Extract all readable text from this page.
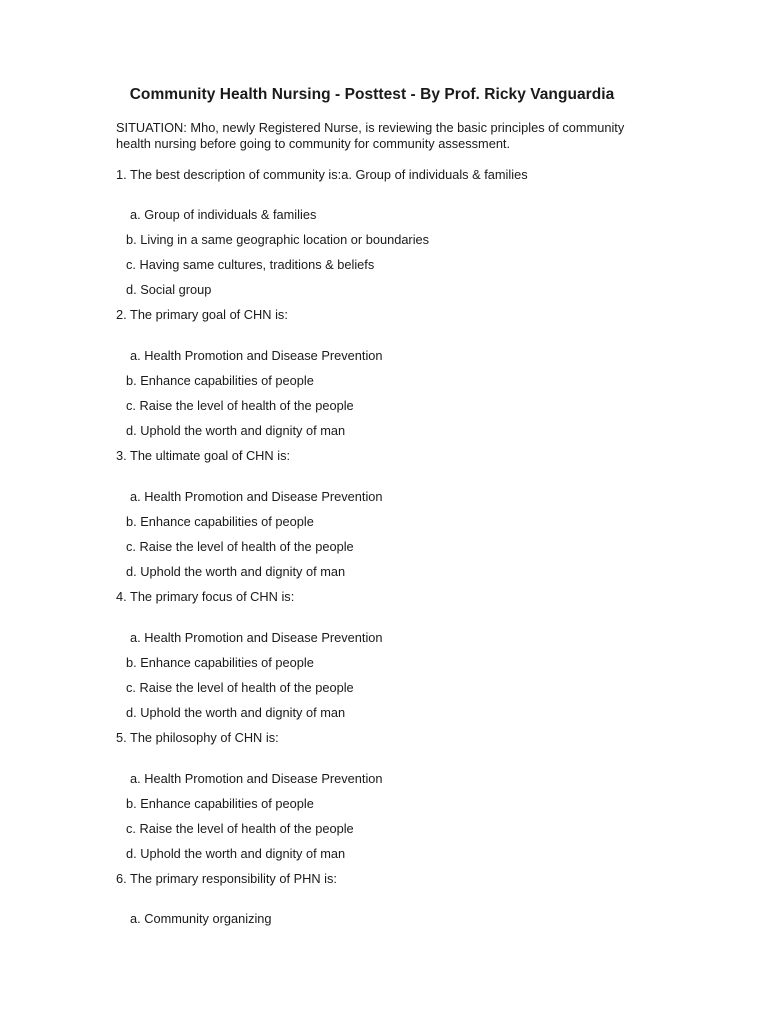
Community Health Nursing - Posttest - By Prof. Ricky Vanguardia
SITUATION: Mho, newly Registered Nurse, is reviewing the basic principles of community
health nursing before going to community for community assessment.
1. The best description of community is:a. Group of individuals & families
a. Group of individuals & families
b. Living in a same geographic location or boundaries
c. Having same cultures, traditions & beliefs
d. Social group
2. The primary goal of CHN is:
a. Health Promotion and Disease Prevention
b. Enhance capabilities of people
c. Raise the level of health of the people
d. Uphold the worth and dignity of man
3. The ultimate goal of CHN is:
a. Health Promotion and Disease Prevention
b. Enhance capabilities of people
c. Raise the level of health of the people
d. Uphold the worth and dignity of man
4. The primary focus of CHN is:
a. Health Promotion and Disease Prevention
b. Enhance capabilities of people
c. Raise the level of health of the people
d. Uphold the worth and dignity of man
5. The philosophy of CHN is:
a. Health Promotion and Disease Prevention
b. Enhance capabilities of people
c. Raise the level of health of the people
d. Uphold the worth and dignity of man
6. The primary responsibility of PHN is:
a. Community organizing
